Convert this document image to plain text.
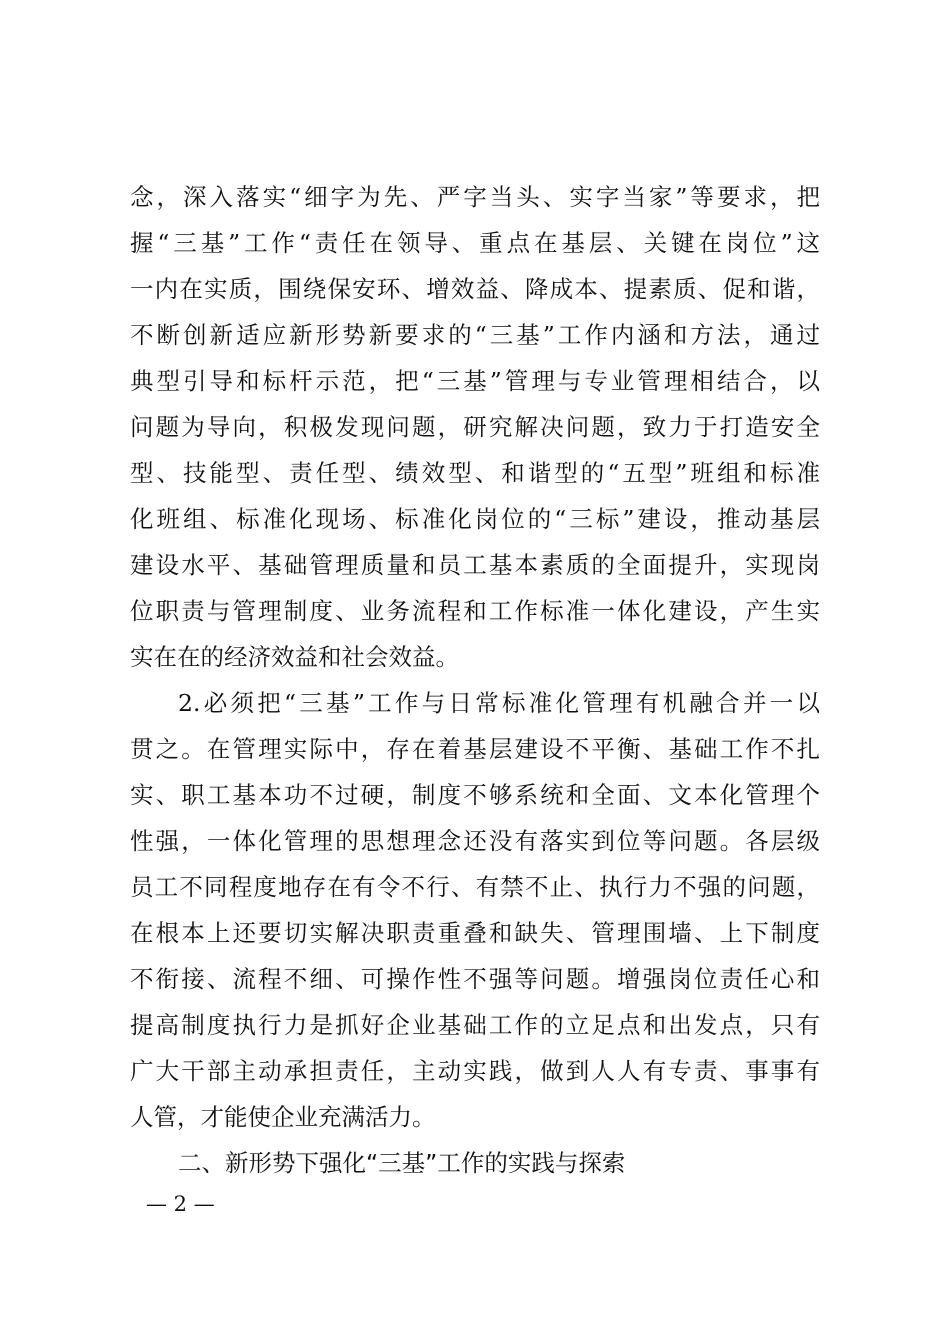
念，深入落实“细字为先、严字当头、实字当家”等要求，把
握“三基”工作“责任在领导、重点在基层、关键在岗位”这
一内在实质，围绕保安环、增效益、降成本、提素质、促和谐，
不断创新适应新形势新要求的“三基”工作内涵和方法，通过
典型引导和标杆示范，把“三基”管理与专业管理相结合，以
问题为导向，积极发现问题，研究解决问题，致力于打造安全
型、技能型、责任型、绩效型、和谐型的“五型”班组和标准
化班组、标准化现场、标准化岗位的“三标”建设，推动基层
建设水平、基础管理质量和员工基本素质的全面提升，实现岗
位职责与管理制度、业务流程和工作标准一体化建设，产生实
实在在的经济效益和社会效益。
2.必须把“三基”工作与日常标准化管理有机融合并一以
贯之。在管理实际中，存在着基层建设不平衡、基础工作不扎
实、职工基本功不过硬，制度不够系统和全面、文本化管理个
性强，一体化管理的思想理念还没有落实到位等问题。各层级
员工不同程度地存在有令不行、有禁不止、执行力不强的问题，
在根本上还要切实解决职责重叠和缺失、管理围墙、上下制度
不衔接、流程不细、可操作性不强等问题。增强岗位责任心和
提高制度执行力是抓好企业基础工作的立足点和出发点，只有
广大干部主动承担责任，主动实践，做到人人有专责、事事有
人管，才能使企业充满活力。
二、新形势下强化“三基”工作的实践与探索
— 2 —
